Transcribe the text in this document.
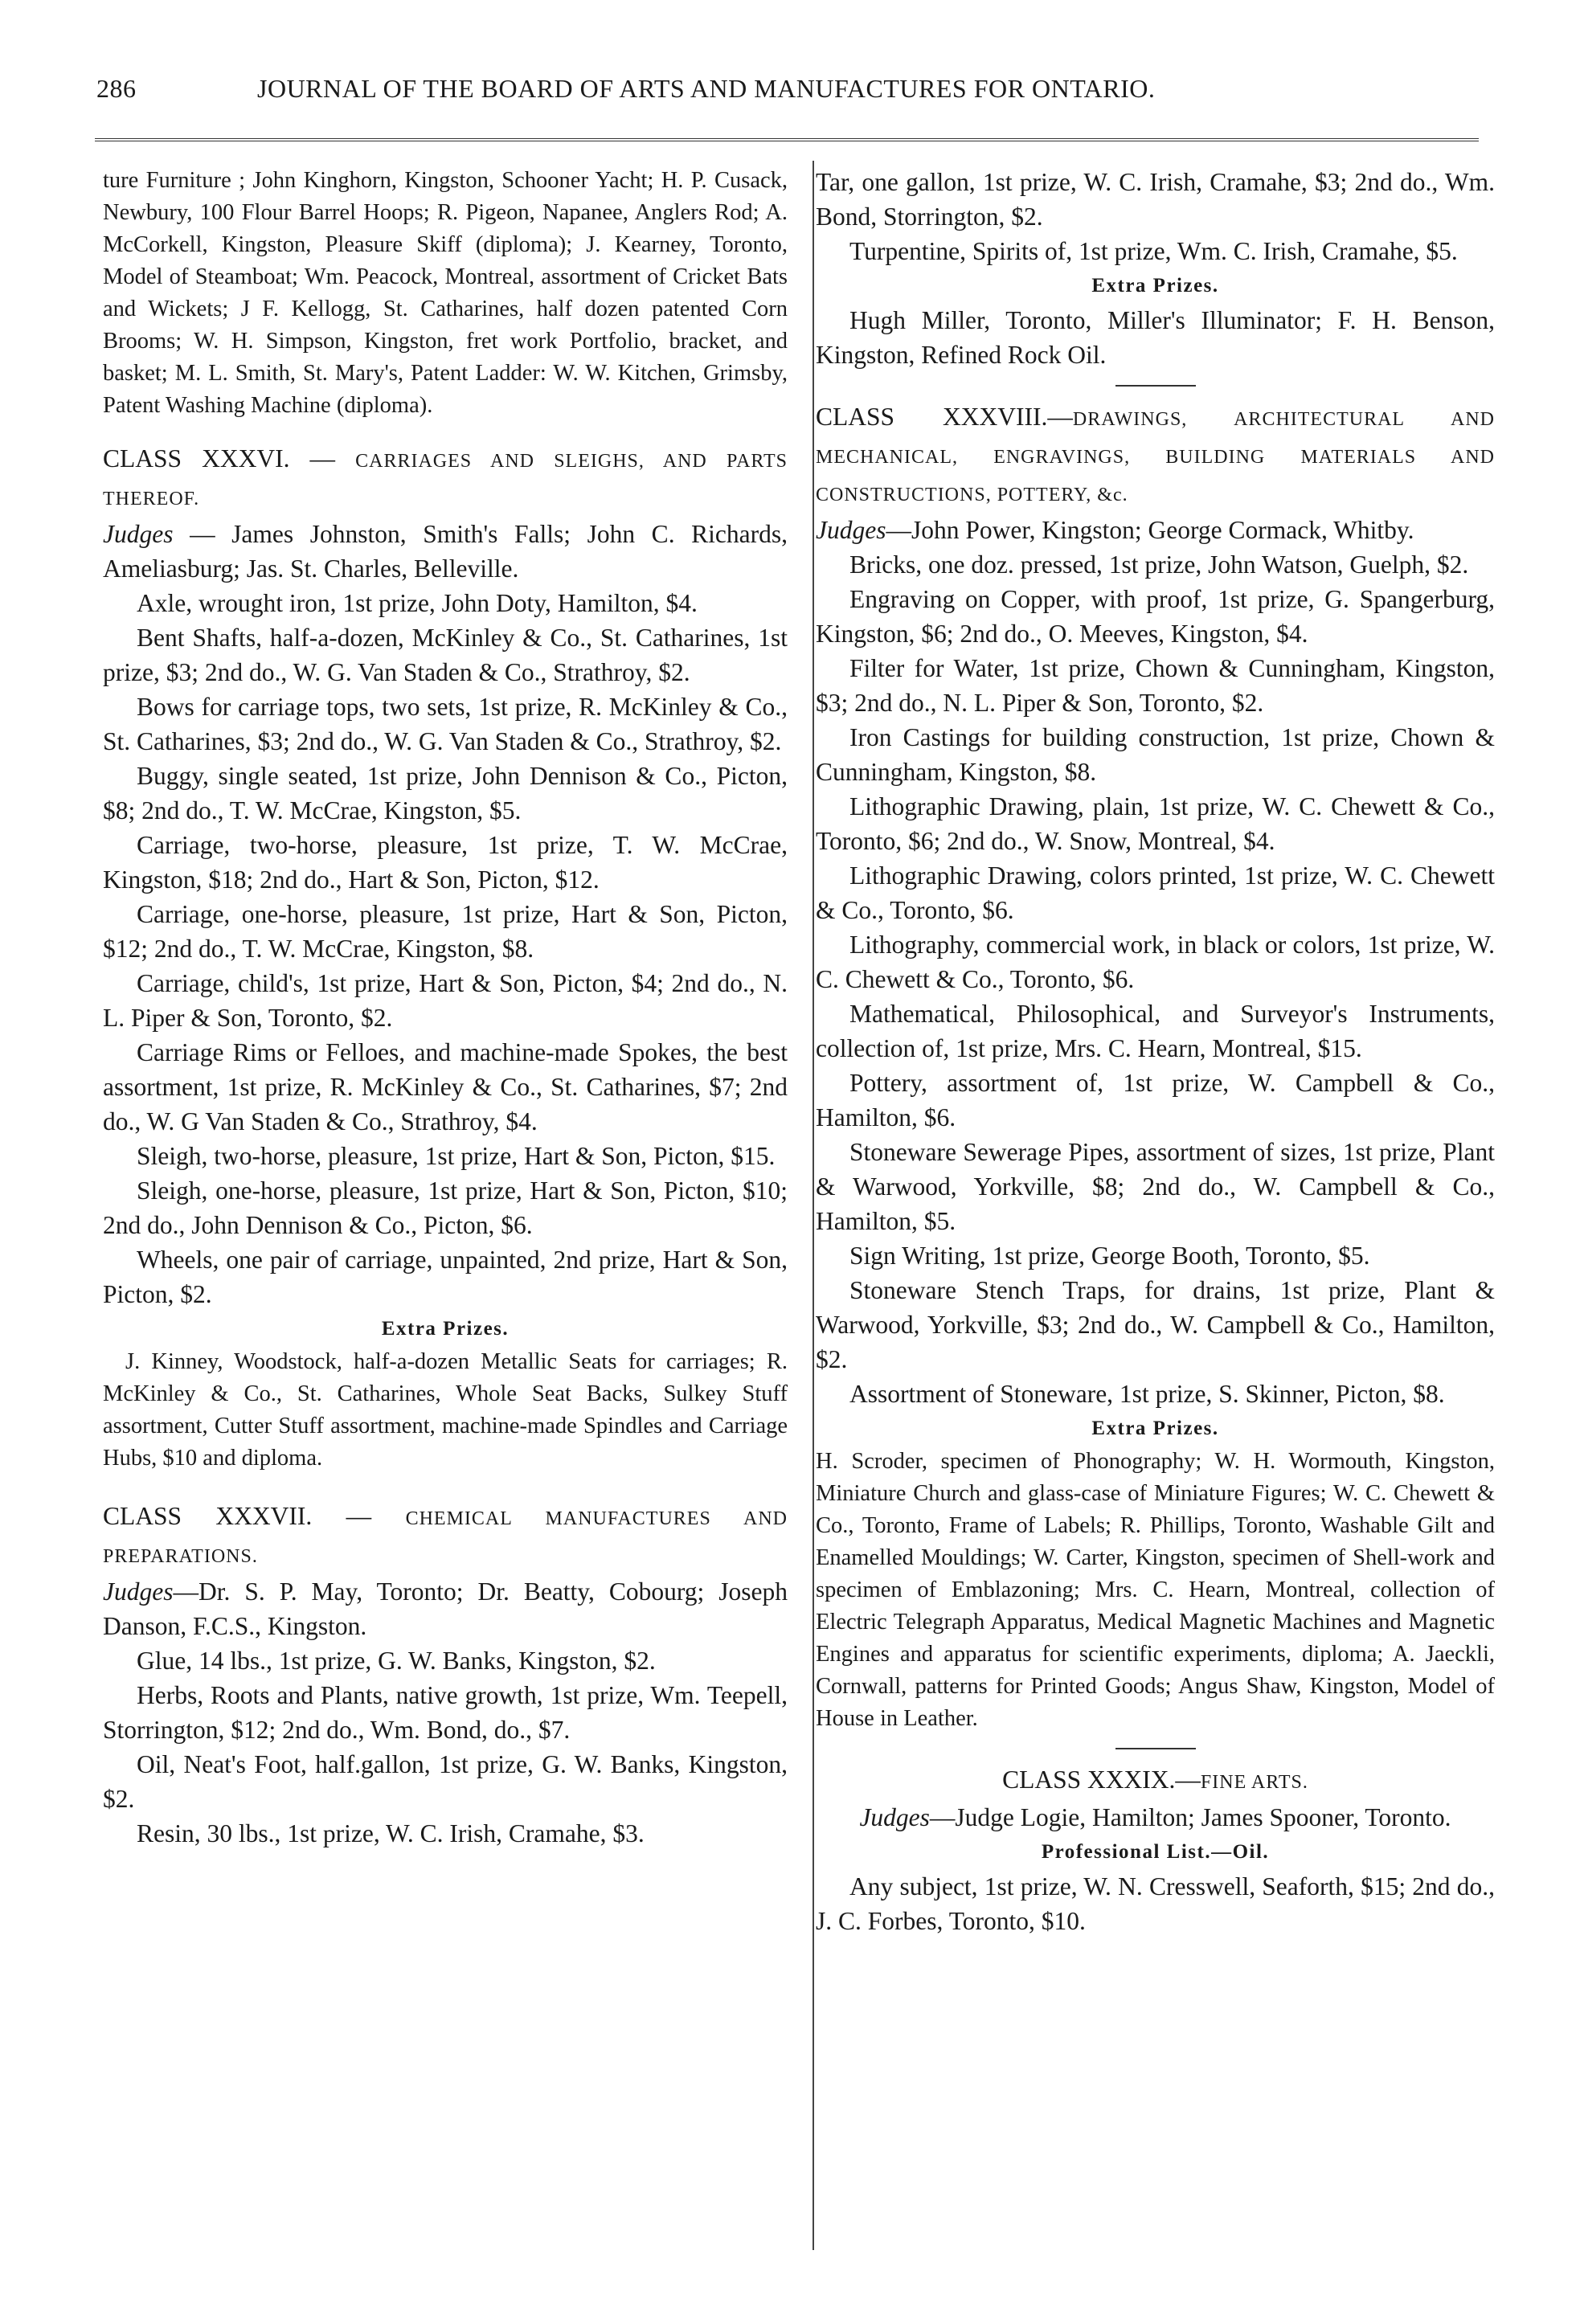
286	JOURNAL OF THE BOARD OF ARTS AND MANUFACTURES FOR ONTARIO.

ture Furniture ; John Kinghorn, Kingston, Schooner Yacht; H. P. Cusack, Newbury, 100 Flour Barrel Hoops; R. Pigeon, Napanee, Anglers Rod; A. McCorkell, Kingston, Pleasure Skiff (diploma); J. Kearney, Toronto, Model of Steamboat; Wm. Peacock, Montreal, assortment of Cricket Bats and Wickets; J F. Kellogg, St. Catharines, half dozen patented Corn Brooms; W. H. Simpson, Kingston, fret work Portfolio, bracket, and basket; M. L. Smith, St. Mary's, Patent Ladder: W. W. Kitchen, Grimsby, Patent Washing Machine (diploma).

CLASS XXXVI. — CARRIAGES AND SLEIGHS, AND PARTS THEREOF.

Judges — James Johnston, Smith's Falls; John C. Richards, Ameliasburg; Jas. St. Charles, Belleville.

Axle, wrought iron, 1st prize, John Doty, Hamilton, $4.

Bent Shafts, half-a-dozen, McKinley & Co., St. Catharines, 1st prize, $3; 2nd do., W. G. Van Staden & Co., Strathroy, $2.

Bows for carriage tops, two sets, 1st prize, R. McKinley & Co., St. Catharines, $3; 2nd do., W. G. Van Staden & Co., Strathroy, $2.

Buggy, single seated, 1st prize, John Dennison & Co., Picton, $8; 2nd do., T. W. McCrae, Kingston, $5.

Carriage, two-horse, pleasure, 1st prize, T. W. McCrae, Kingston, $18; 2nd do., Hart & Son, Picton, $12.

Carriage, one-horse, pleasure, 1st prize, Hart & Son, Picton, $12; 2nd do., T. W. McCrae, Kingston, $8.

Carriage, child's, 1st prize, Hart & Son, Picton, $4; 2nd do., N. L. Piper & Son, Toronto, $2.

Carriage Rims or Felloes, and machine-made Spokes, the best assortment, 1st prize, R. McKinley & Co., St. Catharines, $7; 2nd do., W. G Van Staden & Co., Strathroy, $4.

Sleigh, two-horse, pleasure, 1st prize, Hart & Son, Picton, $15.

Sleigh, one-horse, pleasure, 1st prize, Hart & Son, Picton, $10; 2nd do., John Dennison & Co., Picton, $6.

Wheels, one pair of carriage, unpainted, 2nd prize, Hart & Son, Picton, $2.

Extra Prizes.

J. Kinney, Woodstock, half-a-dozen Metallic Seats for carriages; R. McKinley & Co., St. Catharines, Whole Seat Backs, Sulkey Stuff assortment, Cutter Stuff assortment, machine-made Spindles and Carriage Hubs, $10 and diploma.

CLASS XXXVII. — CHEMICAL MANUFACTURES AND PREPARATIONS.

Judges—Dr. S. P. May, Toronto; Dr. Beatty, Cobourg; Joseph Danson, F.C.S., Kingston.

Glue, 14 lbs., 1st prize, G. W. Banks, Kingston, $2.

Herbs, Roots and Plants, native growth, 1st prize, Wm. Teepell, Storrington, $12; 2nd do., Wm. Bond, do., $7.

Oil, Neat's Foot, half.gallon, 1st prize, G. W. Banks, Kingston, $2.

Resin, 30 lbs., 1st prize, W. C. Irish, Cramahe, $3.

Tar, one gallon, 1st prize, W. C. Irish, Cramahe, $3; 2nd do., Wm. Bond, Storrington, $2.

Turpentine, Spirits of, 1st prize, Wm. C. Irish, Cramahe, $5.

Extra Prizes.

Hugh Miller, Toronto, Miller's Illuminator; F. H. Benson, Kingston, Refined Rock Oil.

CLASS XXXVIII.—DRAWINGS, ARCHITECTURAL AND MECHANICAL, ENGRAVINGS, BUILDING MATERIALS AND CONSTRUCTIONS, POTTERY, &c.

Judges—John Power, Kingston; George Cormack, Whitby.

Bricks, one doz. pressed, 1st prize, John Watson, Guelph, $2.

Engraving on Copper, with proof, 1st prize, G. Spangerburg, Kingston, $6; 2nd do., O. Meeves, Kingston, $4.

Filter for Water, 1st prize, Chown & Cunningham, Kingston, $3; 2nd do., N. L. Piper & Son, Toronto, $2.

Iron Castings for building construction, 1st prize, Chown & Cunningham, Kingston, $8.

Lithographic Drawing, plain, 1st prize, W. C. Chewett & Co., Toronto, $6; 2nd do., W. Snow, Montreal, $4.

Lithographic Drawing, colors printed, 1st prize, W. C. Chewett & Co., Toronto, $6.

Lithography, commercial work, in black or colors, 1st prize, W. C. Chewett & Co., Toronto, $6.

Mathematical, Philosophical, and Surveyor's Instruments, collection of, 1st prize, Mrs. C. Hearn, Montreal, $15.

Pottery, assortment of, 1st prize, W. Campbell & Co., Hamilton, $6.

Stoneware Sewerage Pipes, assortment of sizes, 1st prize, Plant & Warwood, Yorkville, $8; 2nd do., W. Campbell & Co., Hamilton, $5.

Sign Writing, 1st prize, George Booth, Toronto, $5.

Stoneware Stench Traps, for drains, 1st prize, Plant & Warwood, Yorkville, $3; 2nd do., W. Campbell & Co., Hamilton, $2.

Assortment of Stoneware, 1st prize, S. Skinner, Picton, $8.

Extra Prizes.

H. Scroder, specimen of Phonography; W. H. Wormouth, Kingston, Miniature Church and glass-case of Miniature Figures; W. C. Chewett & Co., Toronto, Frame of Labels; R. Phillips, Toronto, Washable Gilt and Enamelled Mouldings; W. Carter, Kingston, specimen of Shell-work and specimen of Emblazoning; Mrs. C. Hearn, Montreal, collection of Electric Telegraph Apparatus, Medical Magnetic Machines and Magnetic Engines and apparatus for scientific experiments, diploma; A. Jaeckli, Cornwall, patterns for Printed Goods; Angus Shaw, Kingston, Model of House in Leather.

CLASS XXXIX.—FINE ARTS.

Judges—Judge Logie, Hamilton; James Spooner, Toronto.

Professional List.—Oil.

Any subject, 1st prize, W. N. Cresswell, Seaforth, $15; 2nd do., J. C. Forbes, Toronto, $10.
